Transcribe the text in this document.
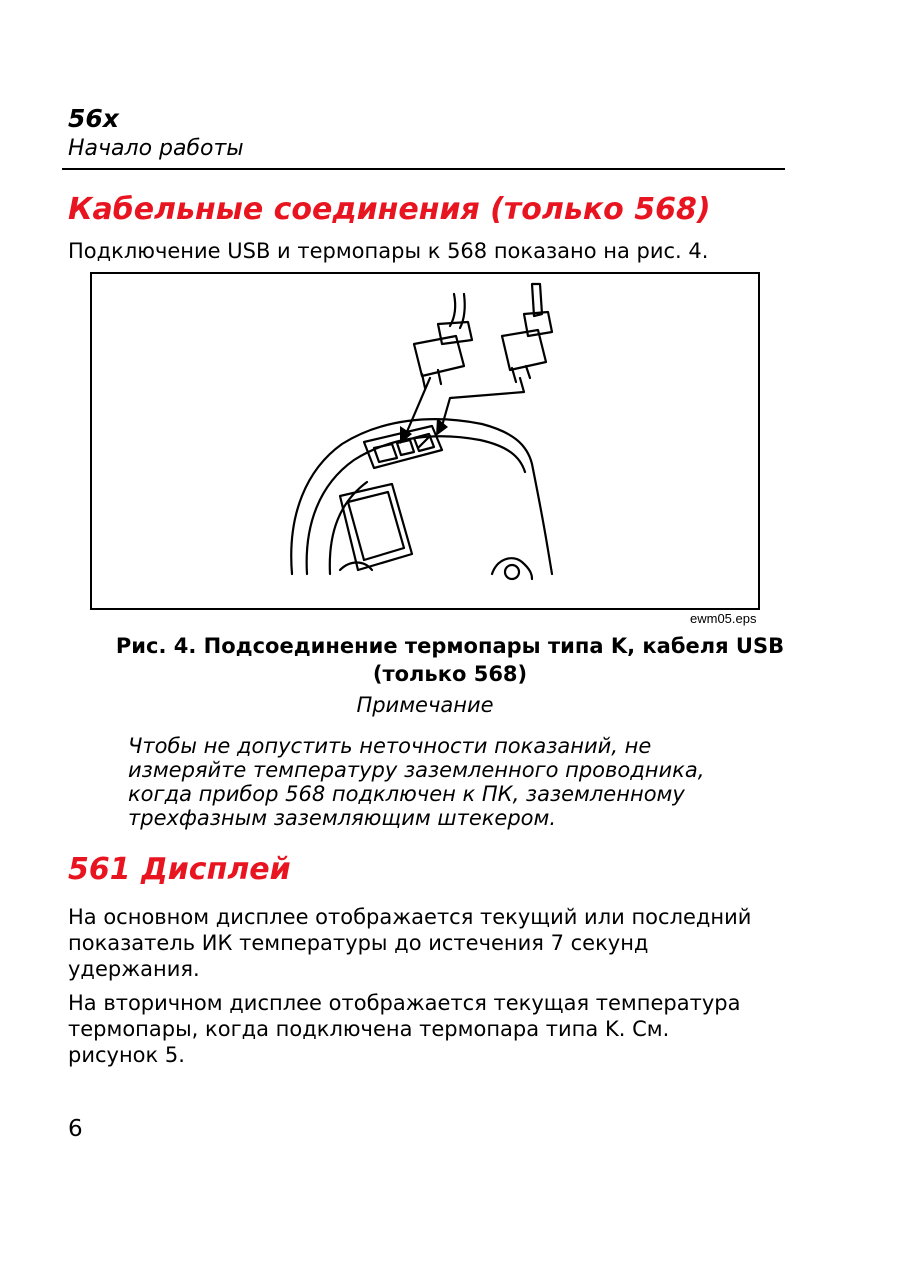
56x
Начало работы
Кабельные соединения (только 568)
Подключение USB и термопары к 568 показано на рис. 4.
ewm05.eps
Рис. 4. Подсоединение термопары типа K, кабеля USB
(только 568)
Примечание
Чтобы не допустить неточности показаний, не
измеряйте температуру заземленного проводника,
когда прибор 568 подключен к ПК, заземленному
трехфазным заземляющим штекером.
561 Дисплей
На основном дисплее отображается текущий или последний
показатель ИК температуры до истечения 7 секунд
удержания.
На вторичном дисплее отображается текущая температура
термопары, когда подключена термопара типа K. См.
рисунок 5.
6
